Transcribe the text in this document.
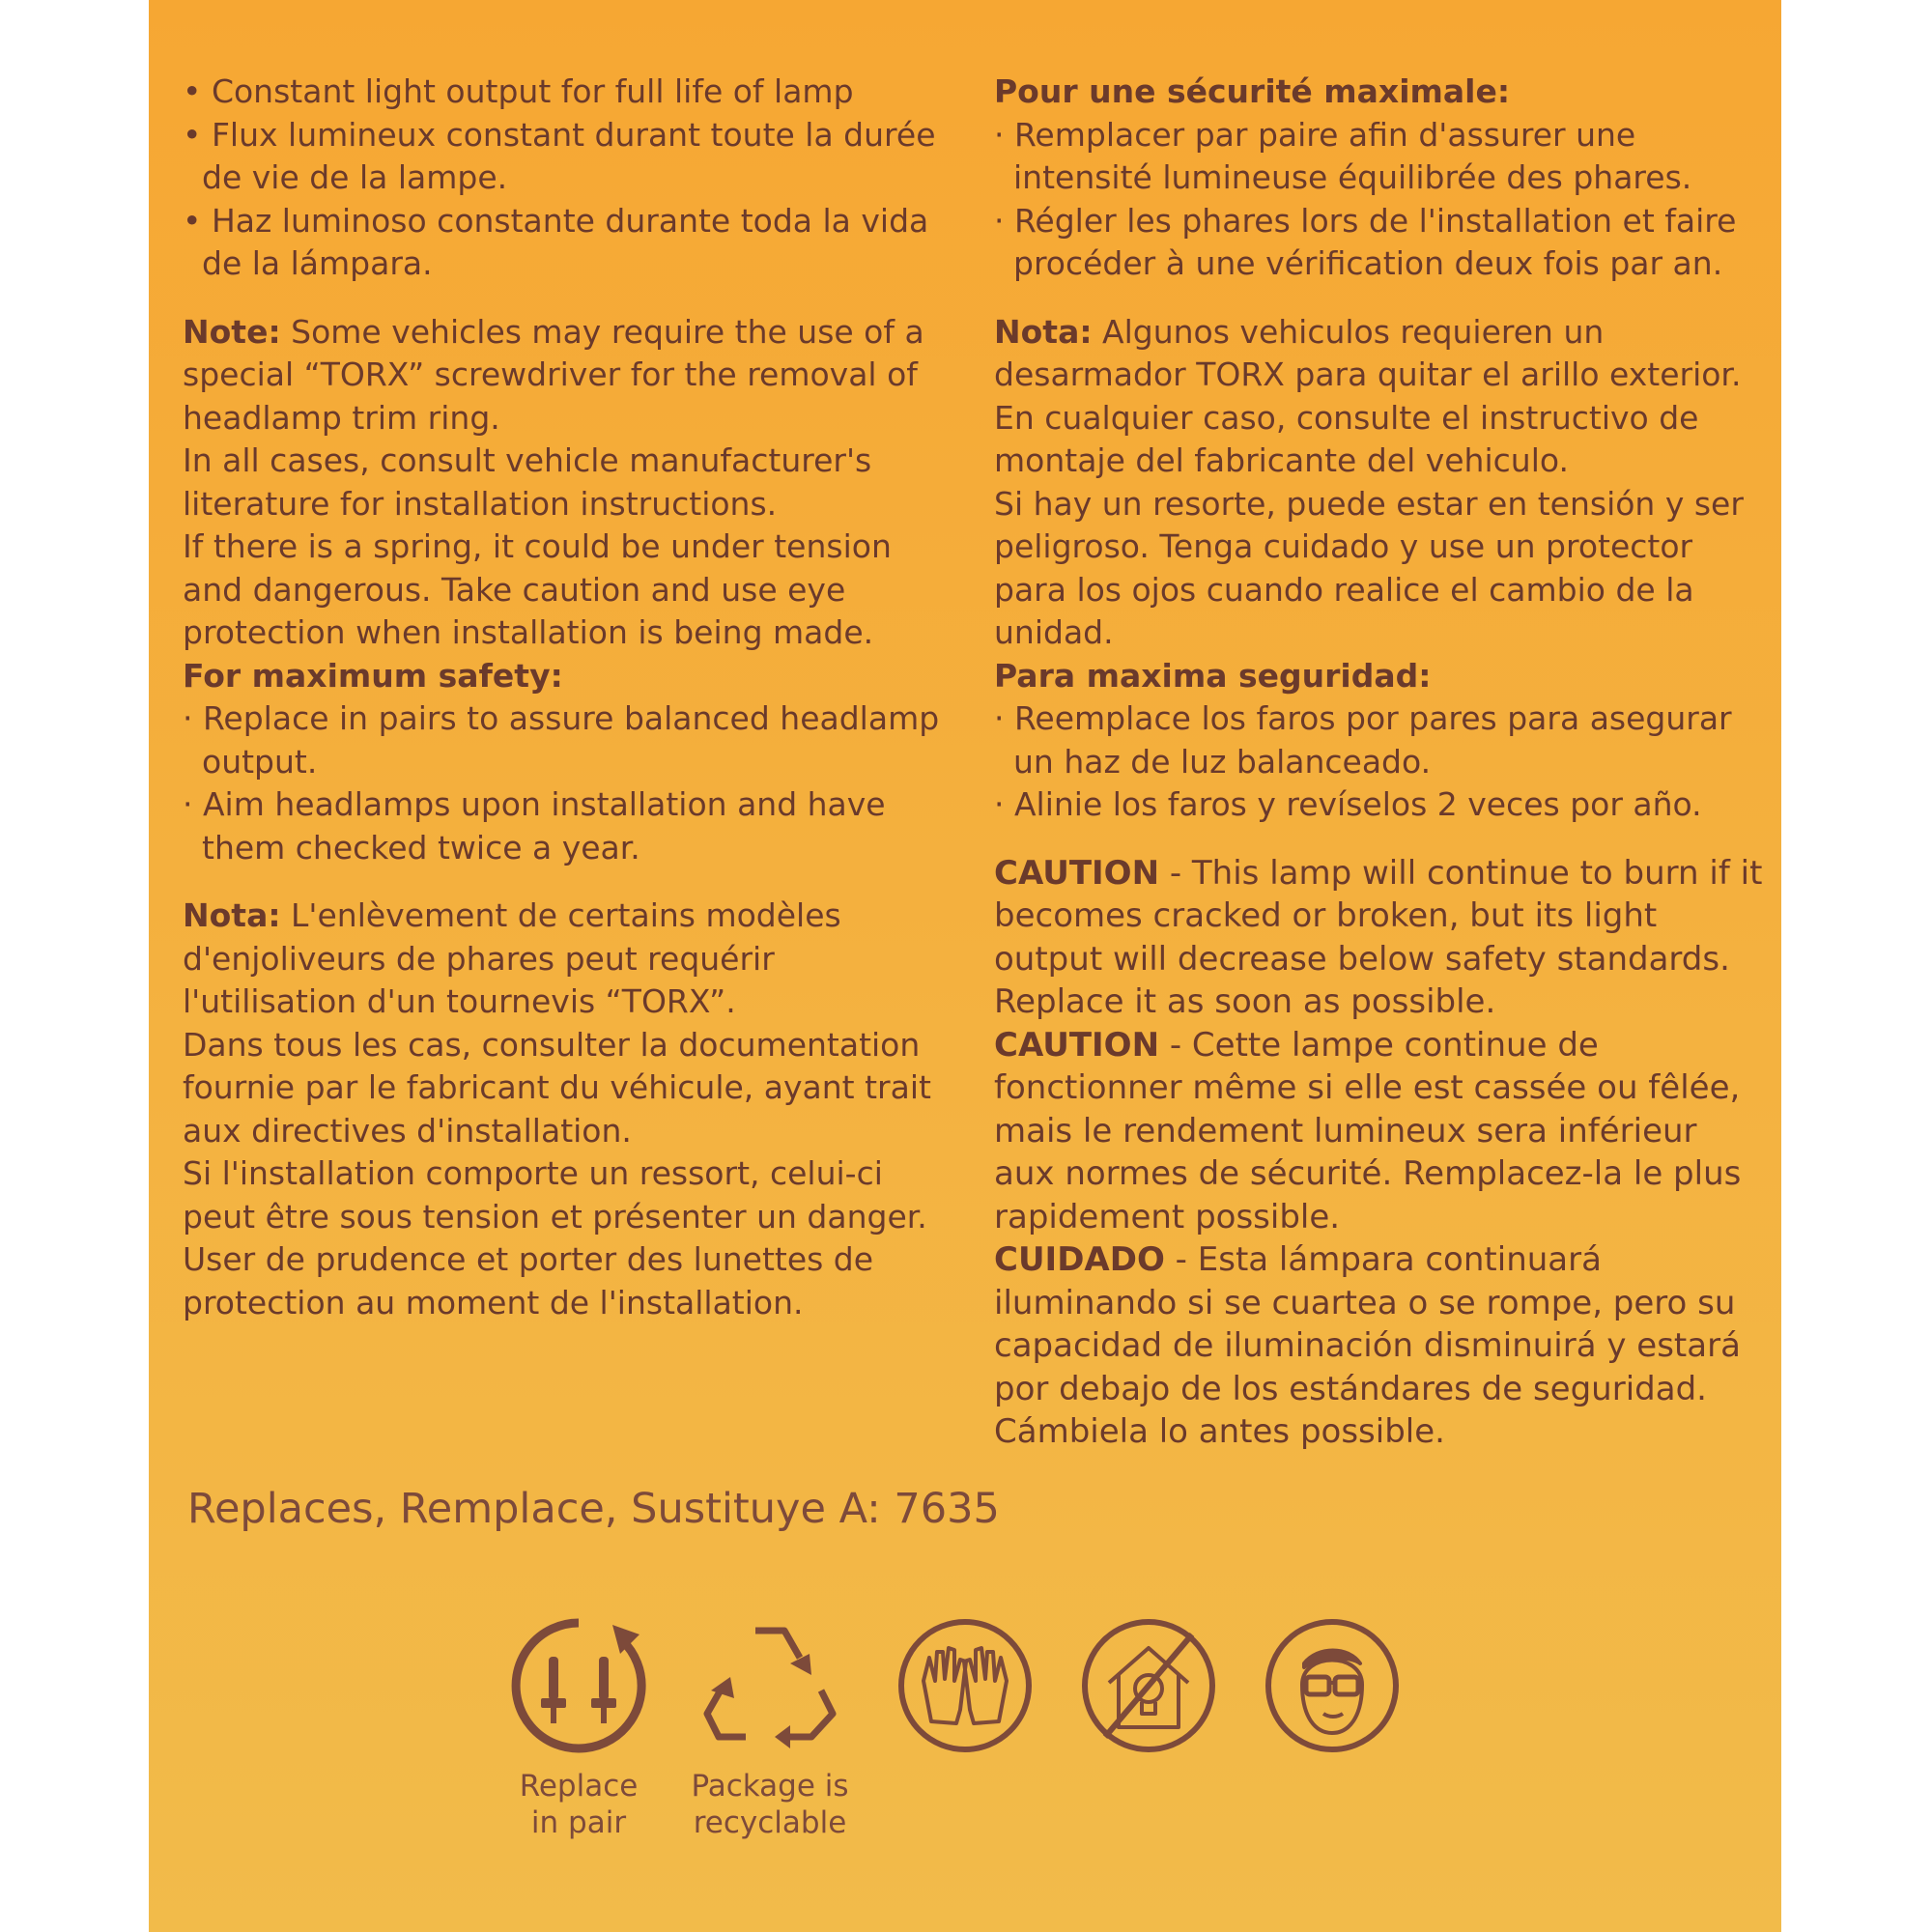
• Constant light output for full life of lamp

• Flux lumineux constant durant toute la durée de vie de la lampe.

• Haz luminoso constante durante toda la vida de la lámpara.

Note: Some vehicles may require the use of a special “TORX” screwdriver for the removal of headlamp trim ring.

In all cases, consult vehicle manufacturer's literature for installation instructions.

If there is a spring, it could be under tension and dangerous. Take caution and use eye protection when installation is being made.

For maximum safety:

· Replace in pairs to assure balanced headlamp output.

· Aim headlamps upon installation and have them checked twice a year.

Nota: L'enlèvement de certains modèles d'enjoliveurs de phares peut requérir l'utilisation d'un tournevis “TORX”.

Dans tous les cas, consulter la documentation fournie par le fabricant du véhicule, ayant trait aux directives d'installation.

Si l'installation comporte un ressort, celui-ci peut être sous tension et présenter un danger. User de prudence et porter des lunettes de protection au moment de l'installation.

Pour une sécurité maximale:

· Remplacer par paire afin d'assurer une intensité lumineuse équilibrée des phares.

· Régler les phares lors de l'installation et faire procéder à une vérification deux fois par an.

Nota: Algunos vehiculos requieren un desarmador TORX para quitar el arillo exterior.

En cualquier caso, consulte el instructivo de montaje del fabricante del vehiculo.

Si hay un resorte, puede estar en tensión y ser peligroso. Tenga cuidado y use un protector para los ojos cuando realice el cambio de la unidad.

Para maxima seguridad:

· Reemplace los faros por pares para asegurar un haz de luz balanceado.

· Alinie los faros y revíselos 2 veces por año.

CAUTION - This lamp will continue to burn if it becomes cracked or broken, but its light output will decrease below safety standards. Replace it as soon as possible.

CAUTION - Cette lampe continue de fonctionner même si elle est cassée ou fêlée, mais le rendement lumineux sera inférieur aux normes de sécurité. Remplacez-la le plus rapidement possible.

CUIDADO - Esta lámpara continuará iluminando si se cuartea o se rompe, pero su capacidad de iluminación disminuirá y estará por debajo de los estándares de seguridad. Cámbiela lo antes possible.

Replaces, Remplace, Sustituye A: 7635
Replace
in pair
Package is
recyclable
